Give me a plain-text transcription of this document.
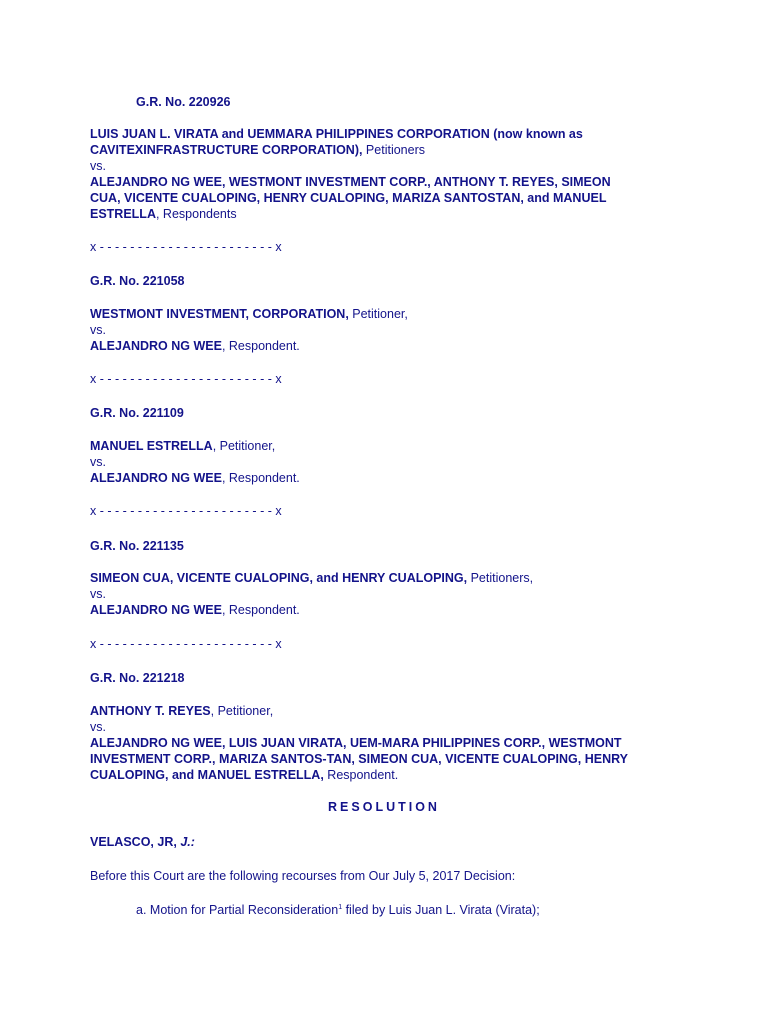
G.R. No. 220926
LUIS JUAN L. VIRATA and UEMMARA PHILIPPINES CORPORATION (now known as
CAVITEXINFRASTRUCTURE CORPORATION), Petitioners
vs.
ALEJANDRO NG WEE, WESTMONT INVESTMENT CORP., ANTHONY T. REYES, SIMEON
CUA, VICENTE CUALOPING, HENRY CUALOPING, MARIZA SANTOSTAN, and MANUEL
ESTRELLA, Respondents
x - - - - - - - - - - - - - - - - - - - - - - - x
G.R. No. 221058
WESTMONT INVESTMENT, CORPORATION, Petitioner,
vs.
ALEJANDRO NG WEE, Respondent.
x - - - - - - - - - - - - - - - - - - - - - - - x
G.R. No. 221109
MANUEL ESTRELLA, Petitioner,
vs.
ALEJANDRO NG WEE, Respondent.
x - - - - - - - - - - - - - - - - - - - - - - - x
G.R. No. 221135
SIMEON CUA, VICENTE CUALOPING, and HENRY CUALOPING, Petitioners,
vs.
ALEJANDRO NG WEE, Respondent.
x - - - - - - - - - - - - - - - - - - - - - - - x
G.R. No. 221218
ANTHONY T. REYES, Petitioner,
vs.
ALEJANDRO NG WEE, LUIS JUAN VIRATA, UEM-MARA PHILIPPINES CORP., WESTMONT
INVESTMENT CORP., MARIZA SANTOS-TAN, SIMEON CUA, VICENTE CUALOPING, HENRY
CUALOPING, and MANUEL ESTRELLA, Respondent.
RESOLUTION
VELASCO, JR, J.:
Before this Court are the following recourses from Our July 5, 2017 Decision:
a. Motion for Partial Reconsideration$^1$ filed by Luis Juan L. Virata (Virata);
